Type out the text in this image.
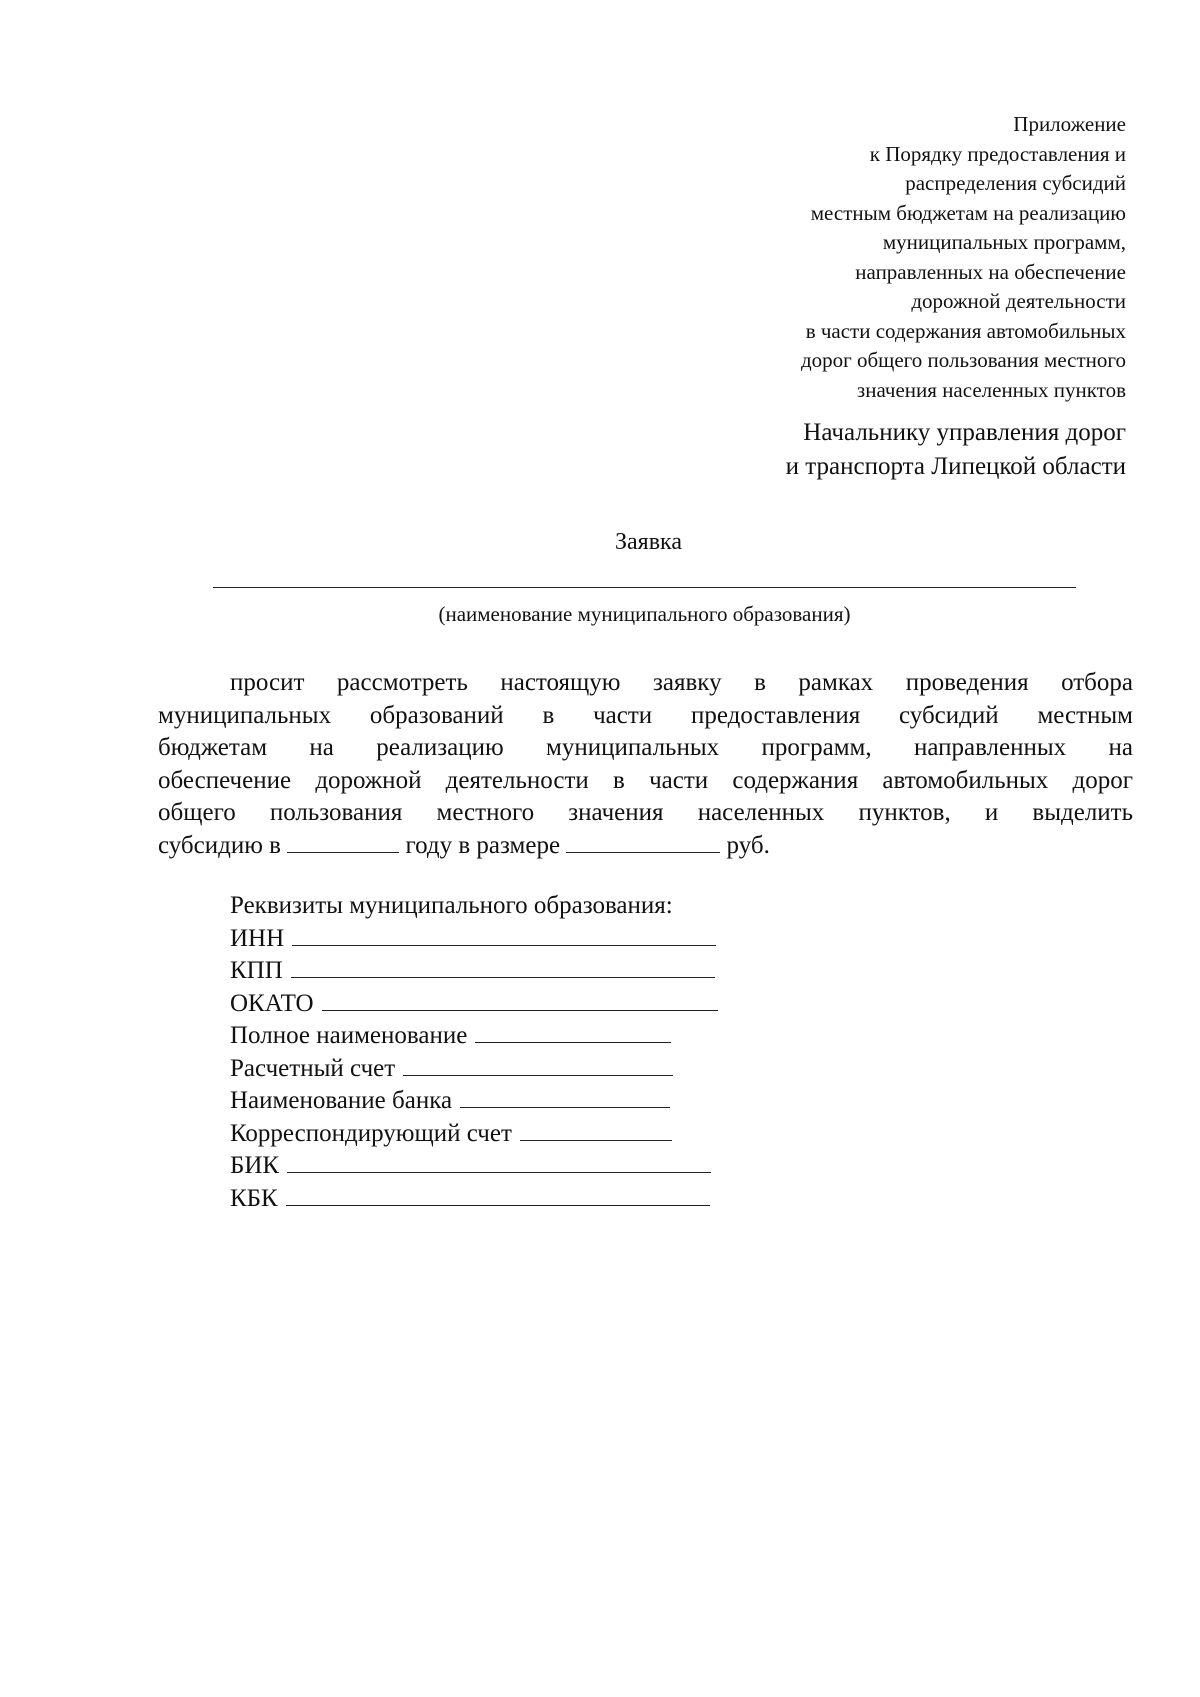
Приложение
к Порядку предоставления и
распределения субсидий
местным бюджетам на реализацию
муниципальных программ,
направленных на обеспечение
дорожной деятельности
в части содержания автомобильных
дорог общего пользования местного
значения населенных пунктов
Начальнику управления дорог
и транспорта Липецкой области
Заявка
(наименование муниципального образования)
просит рассмотреть настоящую заявку в рамках проведения отбора
муниципальных образований в части предоставления субсидий местным
бюджетам на реализацию муниципальных программ, направленных на
обеспечение дорожной деятельности в части содержания автомобильных дорог
общего пользования местного значения населенных пунктов, и выделить
субсидию в	году в размере	руб.
Реквизиты муниципального образования:
ИНН
КПП
ОКАТО
Полное наименование
Расчетный счет
Наименование банка
Корреспондирующий счет
БИК
КБК
